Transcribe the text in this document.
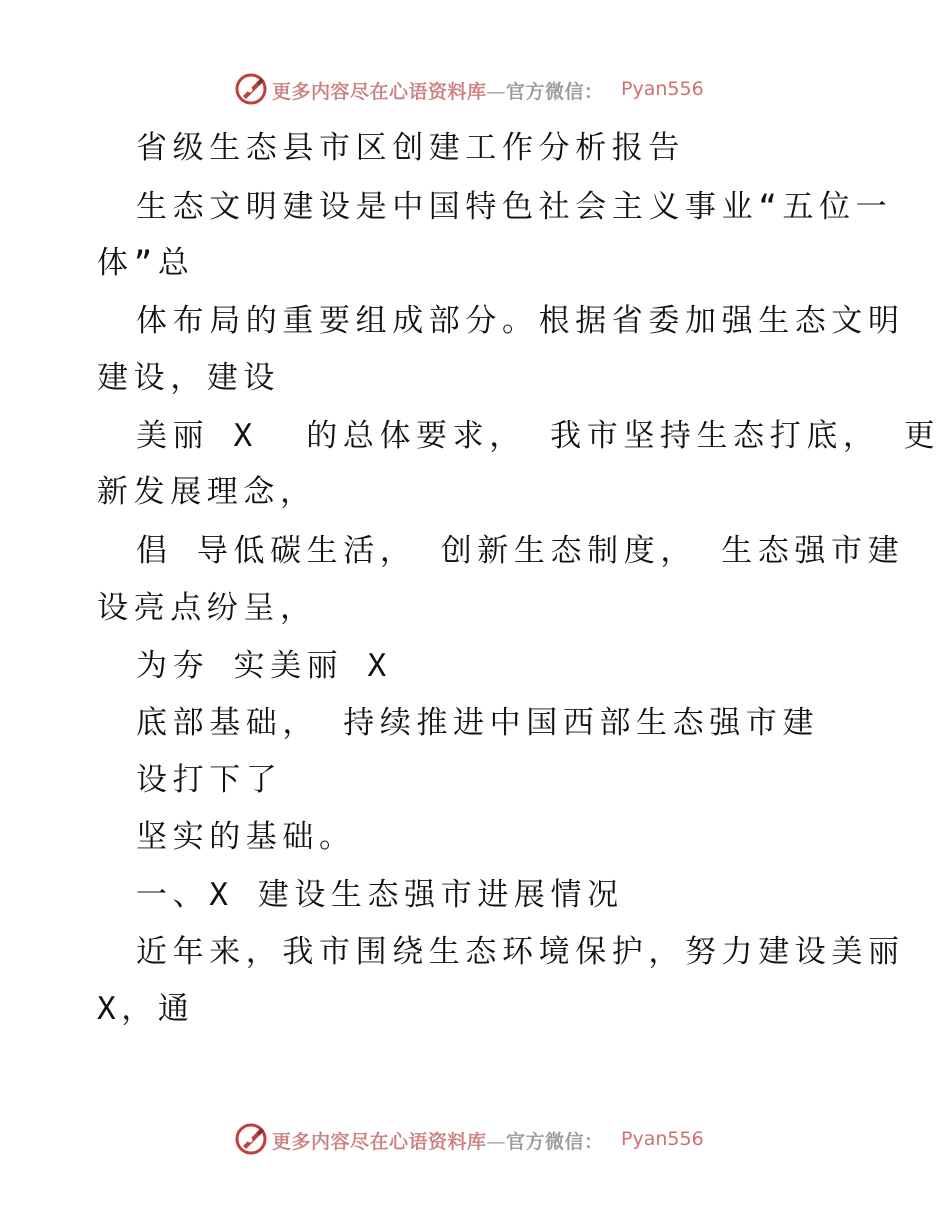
更多内容尽在心语资料库—官方微信： Pyan556
省级生态县市区创建工作分析报告
生态文明建设是中国特色社会主义事业“五位一
体”总
体布局的重要组成部分。根据省委加强生态文明
建设，建设
美丽 X  的总体要求， 我市坚持生态打底， 更
新发展理念，
倡 导低碳生活， 创新生态制度， 生态强市建
设亮点纷呈，
为夯 实美丽 X
底部基础， 持续推进中国西部生态强市建
设打下了
坚实的基础。
一、X 建设生态强市进展情况
近年来，我市围绕生态环境保护，努力建设美丽
X，通
更多内容尽在心语资料库—官方微信： Pyan556
